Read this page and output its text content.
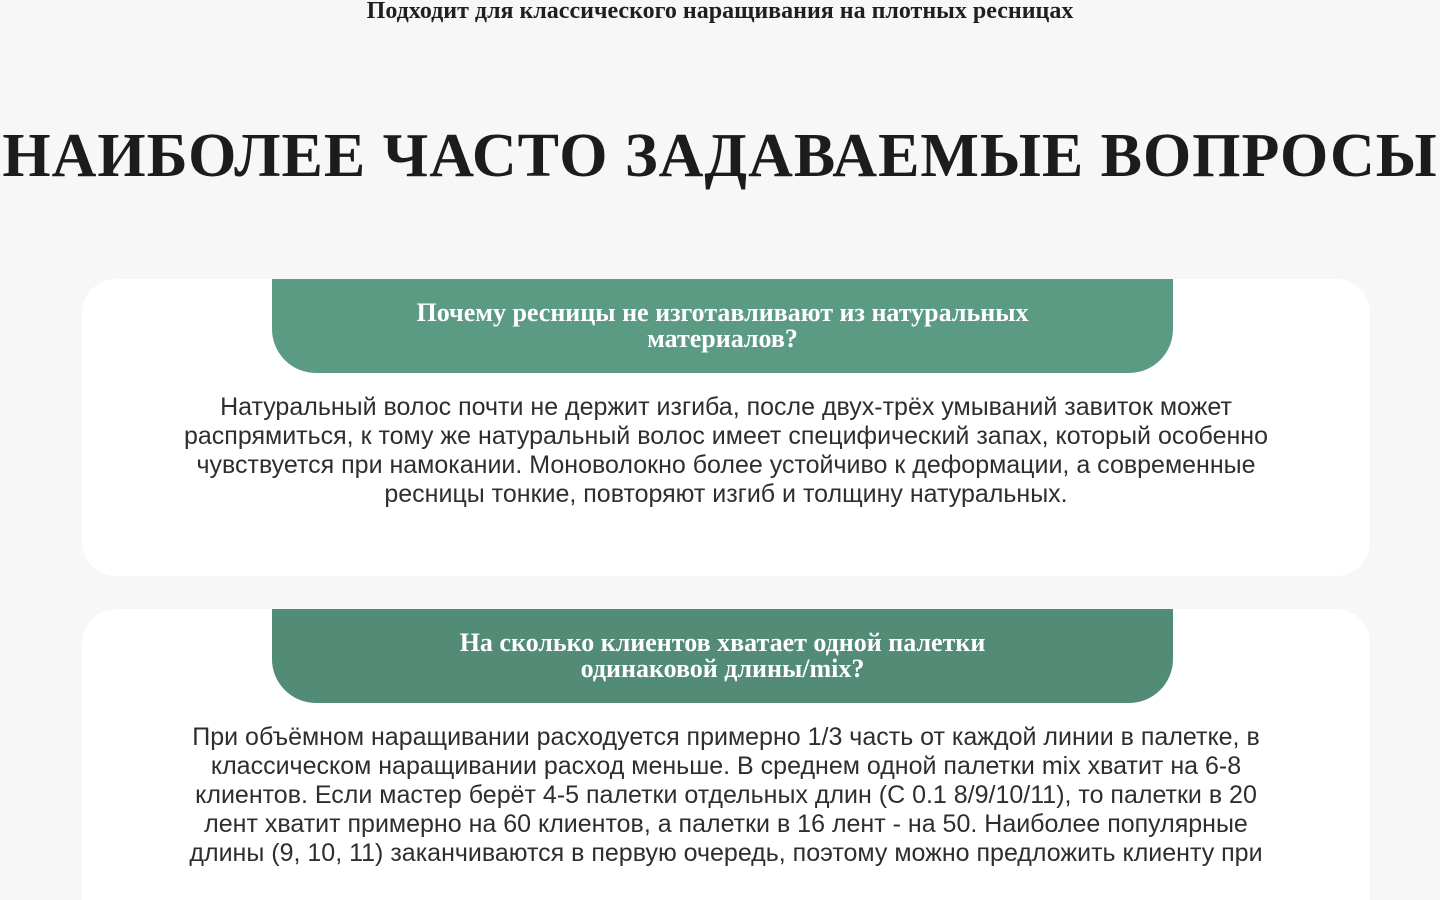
Подходит для классического наращивания на плотных ресницах
НАИБОЛЕЕ ЧАСТО ЗАДАВАЕМЫЕ ВОПРОСЫ
Почему ресницы не изготавливают из натуральных материалов?
Натуральный волос почти не держит изгиба, после двух-трёх умываний завиток может распрямиться, к тому же натуральный волос имеет специфический запах, который особенно чувствуется при намокании. Моноволокно более устойчиво к деформации, а современные ресницы тонкие, повторяют изгиб и толщину натуральных.
На сколько клиентов хватает одной палетки одинаковой длины/mix?
При объёмном наращивании расходуется примерно 1/3 часть от каждой линии в палетке, в классическом наращивании расход меньше. В среднем одной палетки mix хватит на 6-8 клиентов. Если мастер берёт 4-5 палетки отдельных длин (C 0.1 8/9/10/11), то палетки в 20 лент хватит примерно на 60 клиентов, а палетки в 16 лент - на 50. Наиболее популярные длины (9, 10, 11) заканчиваются в первую очередь, поэтому можно предложить клиенту при
